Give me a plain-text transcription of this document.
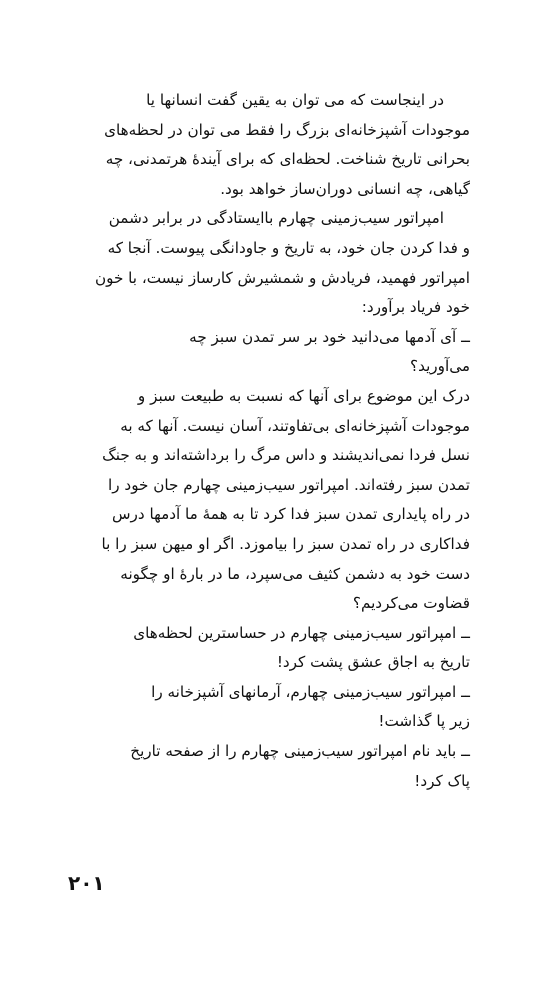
در اینجاست که می توان به یقین گفت انسانها یا
موجودات آشپزخانه‌ای بزرگ را فقط می توان در لحظه‌های
بحرانی تاریخ شناخت. لحظه‌ای که برای آیندهٔ هرتمدنی، چه
گیاهی، چه انسانی دوران‌ساز خواهد بود.
امپراتور سیب‌زمینی چهارم باایستادگی در برابر دشمن
و فدا کردن جان خود، به تاریخ و جاودانگی پیوست. آنجا که
امپراتور فهمید، فریادش و شمشیرش کارساز نیست، با خون
خود فریاد برآورد:
ــ آی آدمها می‌دانید خود بر سر تمدن سبز چه
می‌آورید؟
درک این موضوع برای آنها که نسبت به طبیعت سبز و
موجودات آشپزخانه‌ای بی‌تفاوتند، آسان نیست. آنها که به
نسل فردا نمی‌اندیشند و داس مرگ را برداشته‌اند و به جنگ
تمدن سبز رفته‌اند. امپراتور سیب‌زمینی چهارم جان خود را
در راه پایداری تمدن سبز فدا کرد تا به همهٔ ما آدمها درس
فداکاری در راه تمدن سبز را بیاموزد. اگر او میهن سبز را با
دست خود به دشمن کثیف می‌سپرد، ما در بارهٔ او چگونه
قضاوت می‌کردیم؟
ــ امپراتور سیب‌زمینی چهارم در حساسترین لحظه‌های
تاریخ به اجاق عشق پشت کرد!
ــ امپراتور سیب‌زمینی چهارم، آرمانهای آشپزخانه را
زیر پا گذاشت!
ــ باید نام امپراتور سیب‌زمینی چهارم را از صفحه تاریخ
پاک کرد!
۲۰۱
